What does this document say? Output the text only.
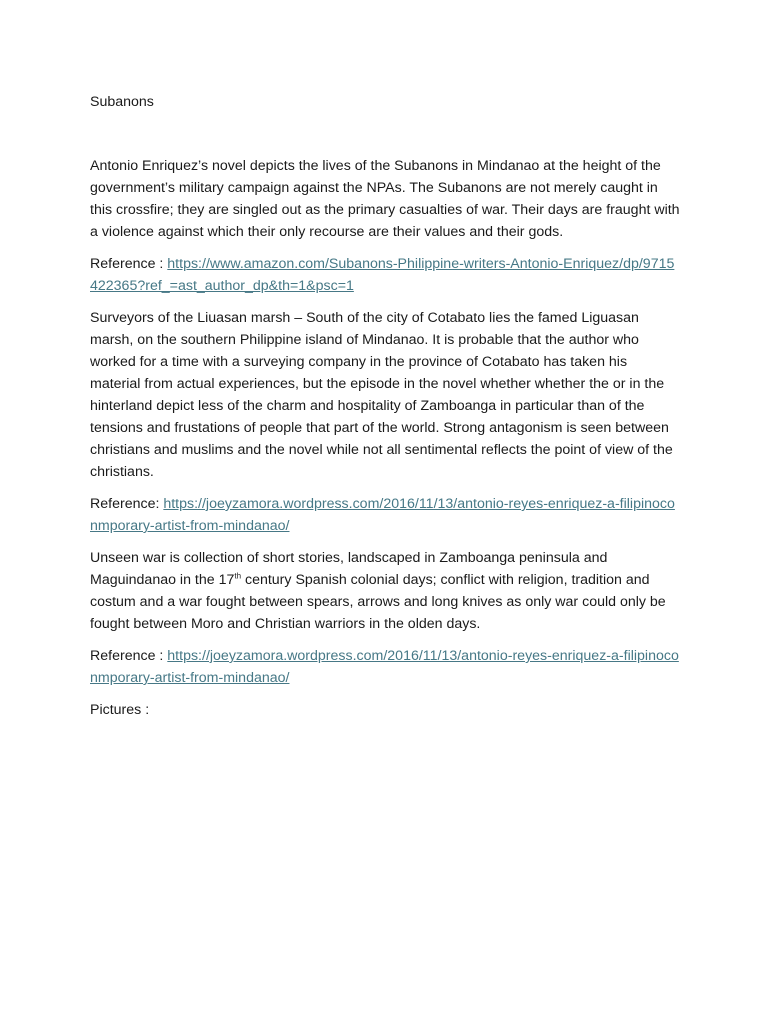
Subanons

Antonio Enriquez’s novel depicts the lives of the Subanons in Mindanao at the height of the government’s military campaign against the NPAs. The Subanons are not merely caught in this crossfire; they are singled out as the primary casualties of war. Their days are fraught with a violence against which their only recourse are their values and their gods.

Reference : https://www.amazon.com/Subanons-Philippine-writers-Antonio-Enriquez/dp/9715422365?ref_=ast_author_dp&th=1&psc=1

Surveyors of the Liuasan marsh – South of the city of Cotabato lies the famed Liguasan marsh, on the southern Philippine island of Mindanao. It is probable that the author who worked for a time with a surveying company in the province of Cotabato has taken his material from actual experiences, but the episode in the novel whether whether the or in the hinterland depict less of the charm and hospitality of Zamboanga in particular than of the tensions and frustations of people that part of the world. Strong antagonism is seen between christians and muslims and the novel while not all sentimental reflects the point of view of the christians.

Reference: https://joeyzamora.wordpress.com/2016/11/13/antonio-reyes-enriquez-a-filipinoconmporary-artist-from-mindanao/

Unseen war is collection of short stories, landscaped in Zamboanga peninsula and Maguindanao in the 17th century Spanish colonial days; conflict with religion, tradition and costum and a war fought between spears, arrows and long knives as only war could only be fought between Moro and Christian warriors in the olden days.

Reference : https://joeyzamora.wordpress.com/2016/11/13/antonio-reyes-enriquez-a-filipinoconmporary-artist-from-mindanao/

Pictures :
